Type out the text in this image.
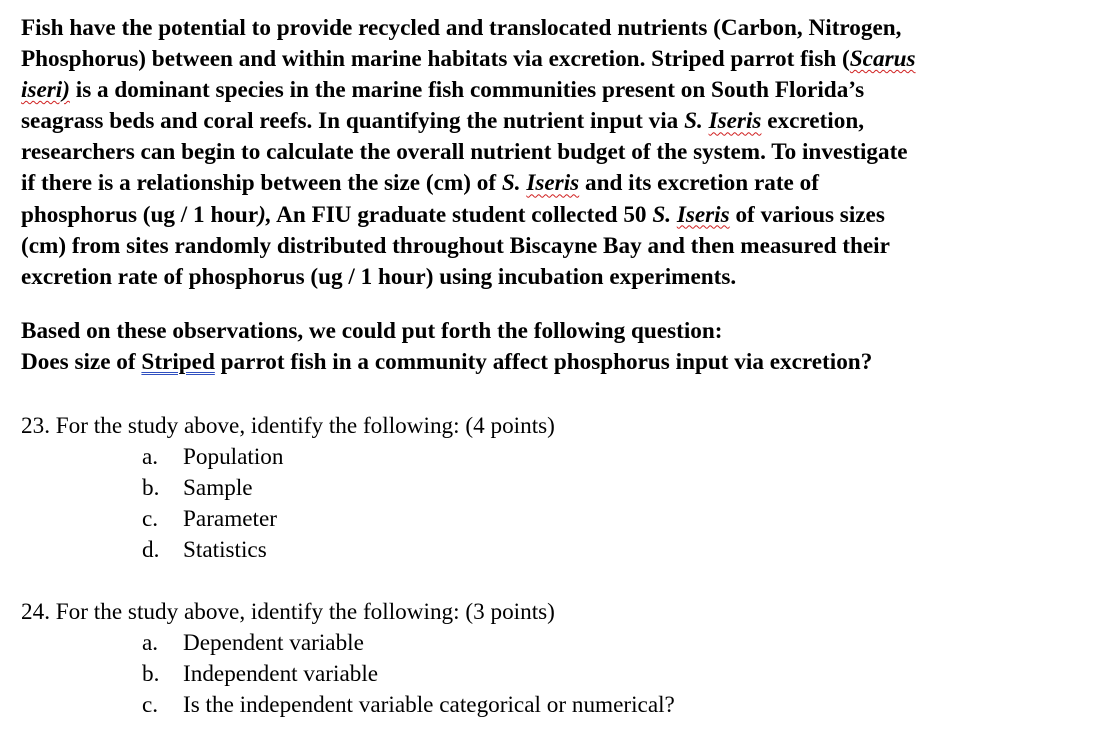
Fish have the potential to provide recycled and translocated nutrients (Carbon, Nitrogen,
Phosphorus) between and within marine habitats via excretion. Striped parrot fish (Scarus
iseri) is a dominant species in the marine fish communities present on South Florida’s
seagrass beds and coral reefs. In quantifying the nutrient input via S. Iseris excretion,
researchers can begin to calculate the overall nutrient budget of the system. To investigate
if there is a relationship between the size (cm) of S. Iseris and its excretion rate of
phosphorus (ug / 1 hour), An FIU graduate student collected 50 S. Iseris of various sizes
(cm) from sites randomly distributed throughout Biscayne Bay and then measured their
excretion rate of phosphorus (ug / 1 hour) using incubation experiments.
Based on these observations, we could put forth the following question:
Does size of Striped parrot fish in a community affect phosphorus input via excretion?
23. For the study above, identify the following: (4 points)
a. Population
b. Sample
c. Parameter
d. Statistics
24. For the study above, identify the following: (3 points)
a. Dependent variable
b. Independent variable
c. Is the independent variable categorical or numerical?
